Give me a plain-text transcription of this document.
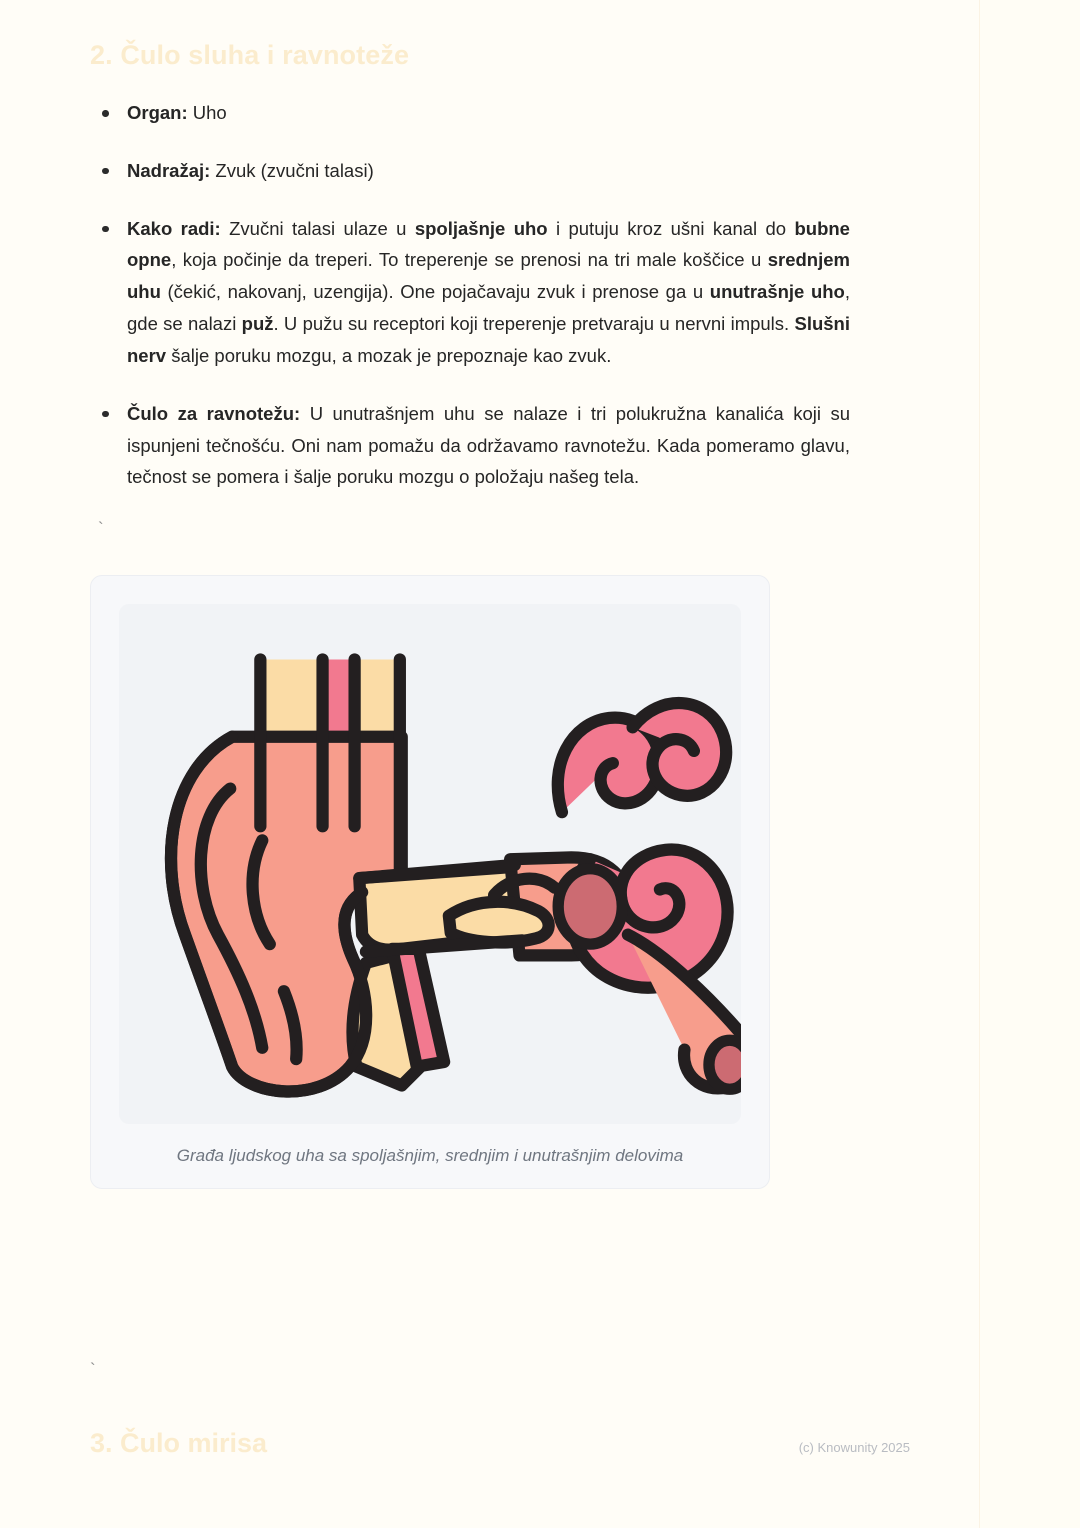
2. Čulo sluha i ravnoteže
Organ: Uho
Nadražaj: Zvuk (zvučni talasi)
Kako radi: Zvučni talasi ulaze u spoljašnje uho i putuju kroz ušni kanal do bubne opne, koja počinje da treperi. To treperenje se prenosi na tri male koščice u srednjem uhu (čekić, nakovanj, uzengija). One pojačavaju zvuk i prenose ga u unutrašnje uho, gde se nalazi puž. U pužu su receptori koji treperenje pretvaraju u nervni impuls. Slušni nerv šalje poruku mozgu, a mozak je prepoznaje kao zvuk.
Čulo za ravnotežu: U unutrašnjem uhu se nalaze i tri polukružna kanalića koji su ispunjeni tečnošću. Oni nam pomažu da održavamo ravnotežu. Kada pomeramo glavu, tečnost se pomera i šalje poruku mozgu o položaju našeg tela.
`
Građa ljudskog uha sa spoljašnjim, srednjim i unutrašnjim delovima
`
3. Čulo mirisa	(c) Knowunity 2025
